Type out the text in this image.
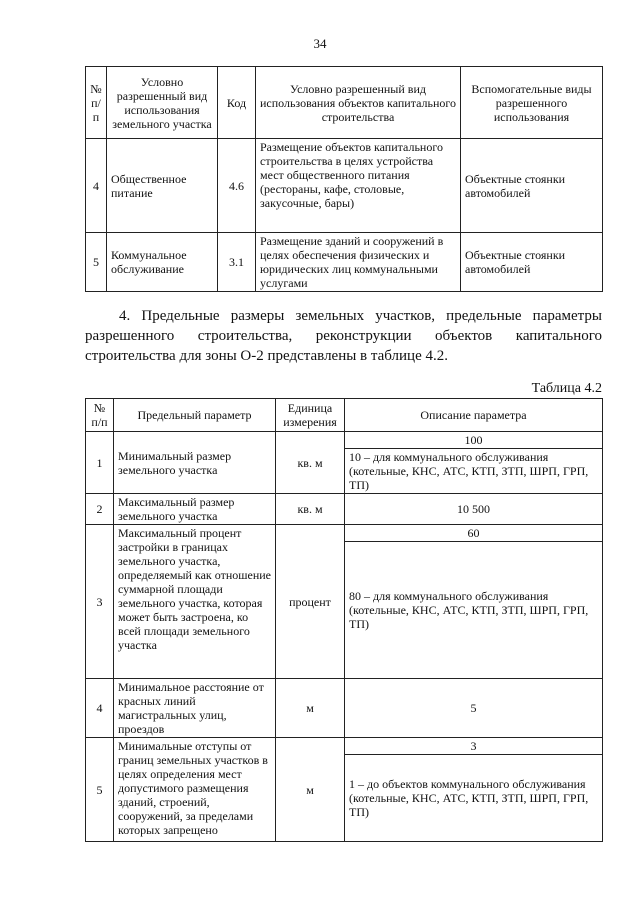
34
№ п/п	Условно разрешенный вид использования земельного участка	Код	Условно разрешенный вид использования объектов капитального строительства	Вспомогательные виды разрешенного использования
4	Общественное питание	4.6	Размещение объектов капитального строительства в целях устройства мест общественного питания (рестораны, кафе, столовые, закусочные, бары)	Объектные стоянки автомобилей
5	Коммунальное обслуживание	3.1	Размещение зданий и сооружений в целях обеспечения физических и юридических лиц коммунальными услугами	Объектные стоянки автомобилей

4. Предельные размеры земельных участков, предельные параметры разрешенного строительства, реконструкции объектов капитального строительства для зоны О-2 представлены в таблице 4.2.

Таблица 4.2
№ п/п	Предельный параметр	Единица измерения	Описание параметра
1	Минимальный размер земельного участка	кв. м	100
			10 – для коммунального обслуживания (котельные, КНС, АТС, КТП, ЗТП, ШРП, ГРП, ТП)
2	Максимальный размер земельного участка	кв. м	10 500
3	Максимальный процент застройки в границах земельного участка, определяемый как отношение суммарной площади земельного участка, которая может быть застроена, ко всей площади земельного участка	процент	60
			80 – для коммунального обслуживания (котельные, КНС, АТС, КТП, ЗТП, ШРП, ГРП, ТП)
4	Минимальное расстояние от красных линий магистральных улиц, проездов	м	5
5	Минимальные отступы от границ земельных участков в целях определения мест допустимого размещения зданий, строений, сооружений, за пределами которых запрещено	м	3
			1 – до объектов коммунального обслуживания (котельные, КНС, АТС, КТП, ЗТП, ШРП, ГРП, ТП)
